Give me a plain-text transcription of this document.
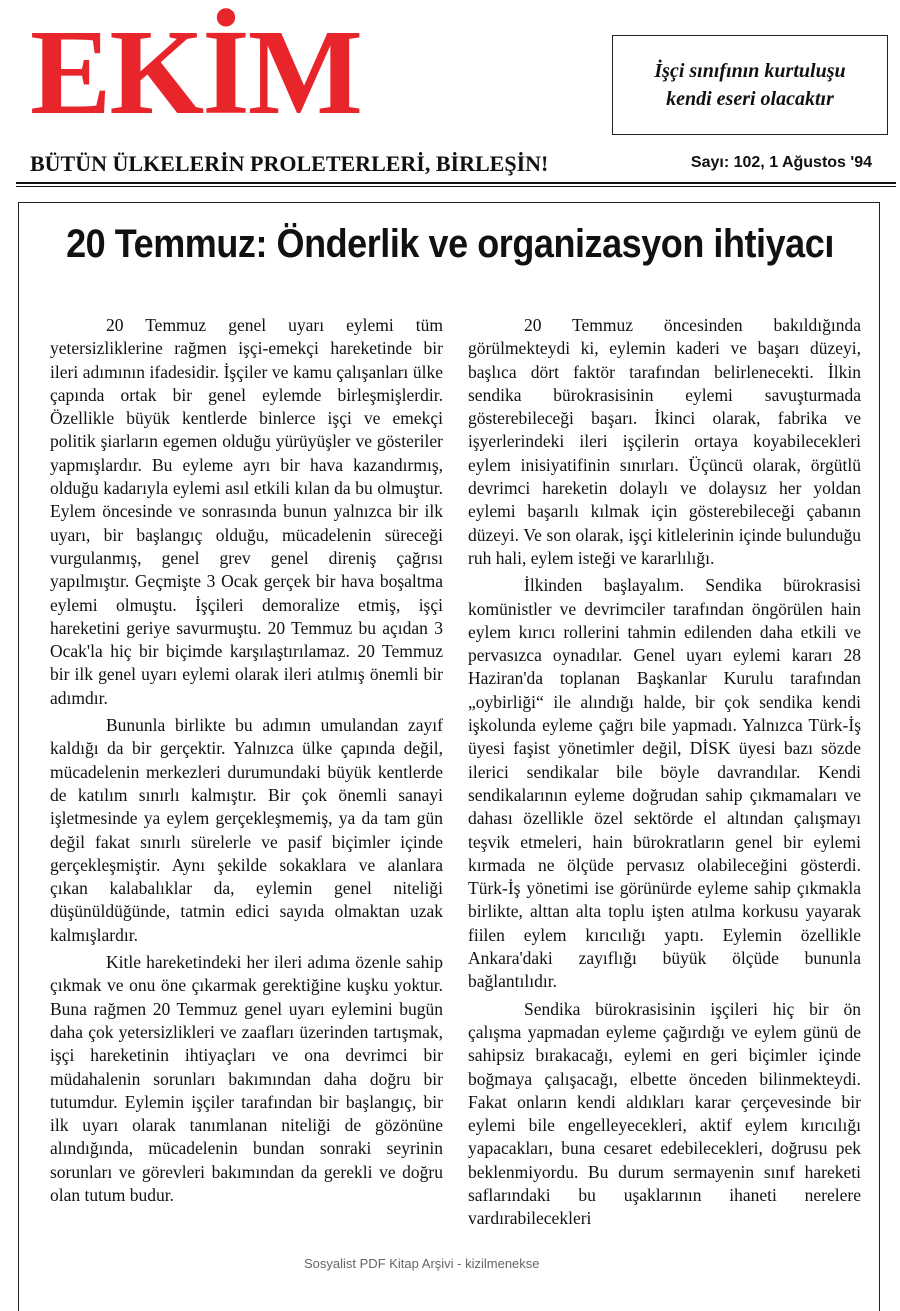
EKİM	İşçi sınıfının kurtuluşu
kendi eseri olacaktır
BÜTÜN ÜLKELERİN PROLETERLERİ, BİRLEŞİN!	Sayı: 102, 1 Ağustos '94
20 Temmuz: Önderlik ve organizasyon ihtiyacı

20 Temmuz genel uyarı eylemi tüm yetersizliklerine rağmen işçi-emekçi hareketinde bir ileri adımının ifadesidir. İşçiler ve kamu çalışanları ülke çapında ortak bir genel eylemde birleşmişlerdir. Özellikle büyük kentlerde binlerce işçi ve emekçi politik şiarların egemen olduğu yürüyüşler ve gösteriler yapmışlardır. Bu eyleme ayrı bir hava kazandırmış, olduğu kadarıyla eylemi asıl etkili kılan da bu olmuştur. Eylem öncesinde ve sonrasında bunun yalnızca bir ilk uyarı, bir başlangıç olduğu, mücadelenin süreceği vurgulanmış, genel grev genel direniş çağrısı yapılmıştır. Geçmişte 3 Ocak gerçek bir hava boşaltma eylemi olmuştu. İşçileri demoralize etmiş, işçi hareketini geriye savurmuştu. 20 Temmuz bu açıdan 3 Ocak'la hiç bir biçimde karşılaştırılamaz. 20 Temmuz bir ilk genel uyarı eylemi olarak ileri atılmış önemli bir adımdır.

Bununla birlikte bu adımın umulandan zayıf kaldığı da bir gerçektir. Yalnızca ülke çapında değil, mücadelenin merkezleri durumundaki büyük kentlerde de katılım sınırlı kalmıştır. Bir çok önemli sanayi işletmesinde ya eylem gerçekleşmemiş, ya da tam gün değil fakat sınırlı sürelerle ve pasif biçimler içinde gerçekleşmiştir. Aynı şekilde sokaklara ve alanlara çıkan kalabalıklar da, eylemin genel niteliği düşünüldüğünde, tatmin edici sayıda olmaktan uzak kalmışlardır.

Kitle hareketindeki her ileri adıma özenle sahip çıkmak ve onu öne çıkarmak gerektiğine kuşku yoktur. Buna rağmen 20 Temmuz genel uyarı eylemini bugün daha çok yetersizlikleri ve zaafları üzerinden tartışmak, işçi hareketinin ihtiyaçları ve ona devrimci bir müdahalenin sorunları bakımından daha doğru bir tutumdur. Eylemin işçiler tarafından bir başlangıç, bir ilk uyarı olarak tanımlanan niteliği de gözönüne alındığında, mücadelenin bundan sonraki seyrinin sorunları ve görevleri bakımından da gerekli ve doğru olan tutum budur.

20 Temmuz öncesinden bakıldığında görülmekteydi ki, eylemin kaderi ve başarı düzeyi, başlıca dört faktör tarafından belirlenecekti. İlkin sendika bürokrasisinin eylemi savuşturmada gösterebileceği başarı. İkinci olarak, fabrika ve işyerlerindeki ileri işçilerin ortaya koyabilecekleri eylem inisiyatifinin sınırları. Üçüncü olarak, örgütlü devrimci hareketin dolaylı ve dolaysız her yoldan eylemi başarılı kılmak için gösterebileceği çabanın düzeyi. Ve son olarak, işçi kitlelerinin içinde bulunduğu ruh hali, eylem isteği ve kararlılığı.

İlkinden başlayalım. Sendika bürokrasisi komünistler ve devrimciler tarafından öngörülen hain eylem kırıcı rollerini tahmin edilenden daha etkili ve pervasızca oynadılar. Genel uyarı eylemi kararı 28 Haziran'da toplanan Başkanlar Kurulu tarafından „oybirliği“ ile alındığı halde, bir çok sendika kendi işkolunda eyleme çağrı bile yapmadı. Yalnızca Türk-İş üyesi faşist yönetimler değil, DİSK üyesi bazı sözde ilerici sendikalar bile böyle davrandılar. Kendi sendikalarının eyleme doğrudan sahip çıkmamaları ve dahası özellikle özel sektörde el altından çalışmayı teşvik etmeleri, hain bürokratların genel bir eylemi kırmada ne ölçüde pervasız olabileceğini gösterdi. Türk-İş yönetimi ise görünürde eyleme sahip çıkmakla birlikte, alttan alta toplu işten atılma korkusu yayarak fiilen eylem kırıcılığı yaptı. Eylemin özellikle Ankara'daki zayıflığı büyük ölçüde bununla bağlantılıdır.

Sendika bürokrasisinin işçileri hiç bir ön çalışma yapmadan eyleme çağırdığı ve eylem günü de sahipsiz bırakacağı, eylemi en geri biçimler içinde boğmaya çalışacağı, elbette önceden bilinmekteydi. Fakat onların kendi aldıkları karar çerçevesinde bir eylemi bile engelleyecekleri, aktif eylem kırıcılığı yapacakları, buna cesaret edebilecekleri, doğrusu pek beklenmiyordu. Bu durum sermayenin sınıf hareketi saflarındaki bu uşaklarının ihaneti nerelere vardırabilecekleri

Sosyalist PDF Kitap Arşivi - kizilmenekse
